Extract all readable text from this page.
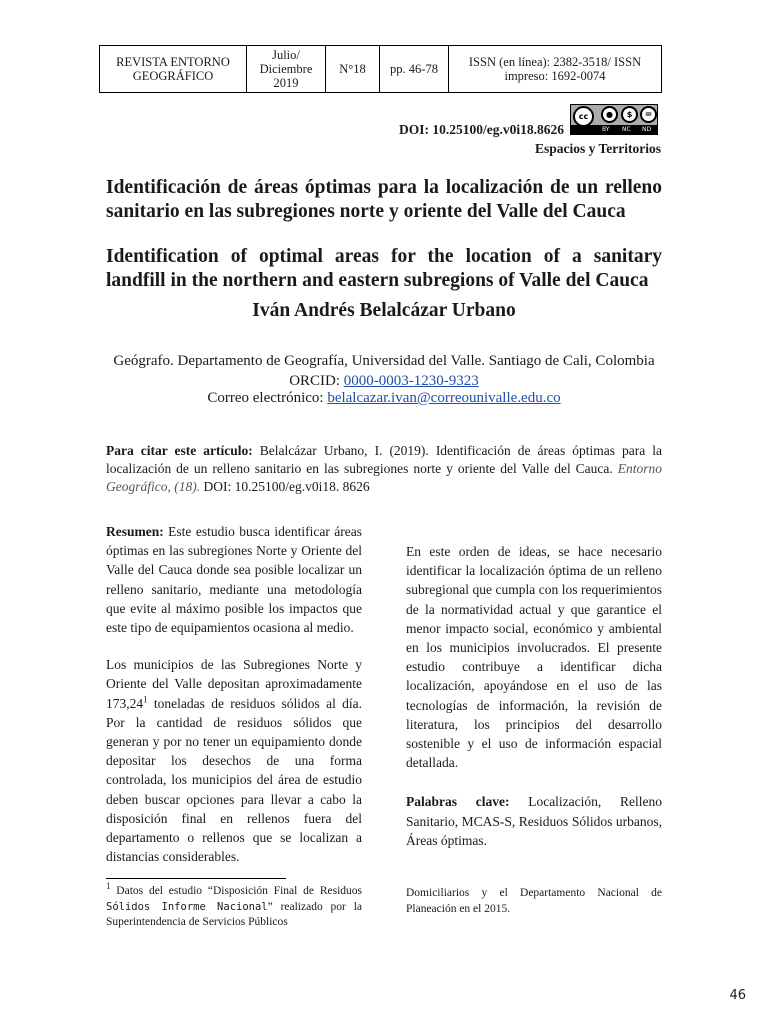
REVISTA ENTORNO GEOGRÁFICO	Julio/ Diciembre 2019	N°18	pp. 46-78	ISSN (en línea): 2382-3518/ ISSN impreso: 1692-0074
DOI: 10.25100/eg.v0i18.8626
cc	●	$	=
BY NC ND
Espacios y Territorios
Identificación de áreas óptimas para la localización de un relleno sanitario en las subregiones norte y oriente del Valle del Cauca
Identification of optimal areas for the location of a sanitary landfill in the northern and eastern subregions of Valle del Cauca
Iván Andrés Belalcázar Urbano
Geógrafo. Departamento de Geografía, Universidad del Valle. Santiago de Cali, Colombia
ORCID: 0000-0003-1230-9323
Correo electrónico: belalcazar.ivan@correounivalle.edu.co
Para citar este artículo: Belalcázar Urbano, I. (2019). Identificación de áreas óptimas para la localización de un relleno sanitario en las subregiones norte y oriente del Valle del Cauca. Entorno Geográfico, (18). DOI: 10.25100/eg.v0i18. 8626

Resumen: Este estudio busca identificar áreas óptimas en las subregiones Norte y Oriente del Valle del Cauca donde sea posible localizar un relleno sanitario, mediante una metodología que evite al máximo posible los impactos que este tipo de equipamientos ocasiona al medio.

Los municipios de las Subregiones Norte y Oriente del Valle depositan aproximadamente 173,24$^1$ toneladas de residuos sólidos al día. Por la cantidad de residuos sólidos que generan y por no tener un equipamiento donde depositar los desechos de una forma controlada, los municipios del área de estudio deben buscar opciones para llevar a cabo la disposición final en rellenos fuera del departamento o rellenos que se localizan a distancias considerables.

En este orden de ideas, se hace necesario identificar la localización óptima de un relleno subregional que cumpla con los requerimientos de la normatividad actual y que garantice el menor impacto social, económico y ambiental en los municipios involucrados. El presente estudio contribuye a identificar dicha localización, apoyándose en el uso de las tecnologías de información, la revisión de literatura, los principios del desarrollo sostenible y el uso de información espacial detallada.

Palabras clave: Localización, Relleno Sanitario, MCAS-S, Residuos Sólidos urbanos, Áreas óptimas.

$^1$ Datos del estudio “Disposición Final de Residuos Sólidos Informe Nacional” realizado por la Superintendencia de Servicios Públicos
Domiciliarios y el Departamento Nacional de Planeación en el 2015.
46
